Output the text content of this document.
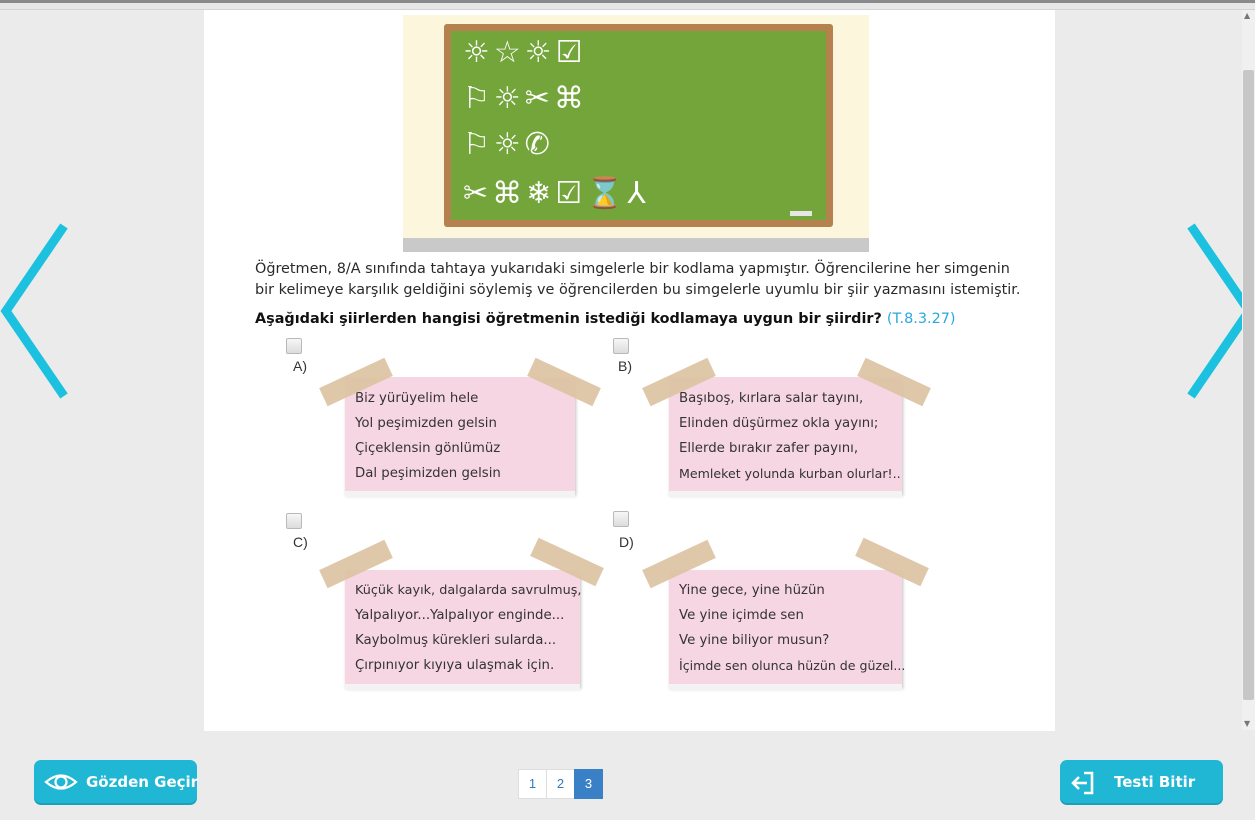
▲
▼
☼☆☼☑
⚐☼✂⌘
⚐☼✆
✂⌘❄☑⌛⅄
Öğretmen, 8/A sınıfında tahtaya yukarıdaki simgelerle bir kodlama yapmıştır. Öğrencilerine her simgenin
bir kelimeye karşılık geldiğini söylemiş ve öğrencilerden bu simgelerle uyumlu bir şiir yazmasını istemiştir.
Aşağıdaki şiirlerden hangisi öğretmenin istediği kodlamaya uygun bir şiirdir? (T.8.3.27)
A)
Biz yürüyelim hele
Yol peşimizden gelsin
Çiçeklensin gönlümüz
Dal peşimizden gelsin
B)
Başıboş, kırlara salar tayını,
Elinden düşürmez okla yayını;
Ellerde bırakır zafer payını,
Memleket yolunda kurban olurlar!..
C)
Küçük kayık, dalgalarda savrulmuş,
Yalpalıyor...Yalpalıyor enginde...
Kaybolmuş kürekleri sularda...
Çırpınıyor kıyıya ulaşmak için.
D)
Yine gece, yine hüzün
Ve yine içimde sen
Ve yine biliyor musun?
İçimde sen olunca hüzün de güzel...
Gözden Geçir	1	2	3	Testi Bitir
